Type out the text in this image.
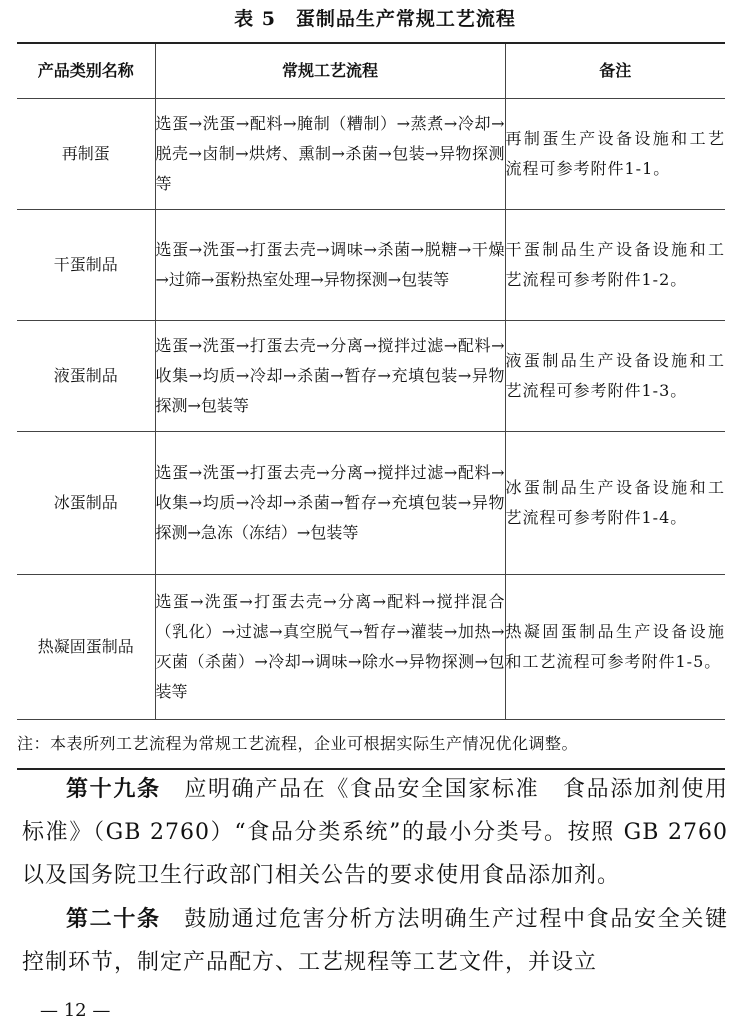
表 5　蛋制品生产常规工艺流程
产品类别名称	常规工艺流程	备注
再制蛋	选蛋→洗蛋→配料→腌制（糟制）→蒸煮→冷却→脱壳→卤制→烘烤、熏制→杀菌→包装→异物探测等	再制蛋生产设备设施和工艺流程可参考附件1-1。
干蛋制品	选蛋→洗蛋→打蛋去壳→调味→杀菌→脱糖→干燥→过筛→蛋粉热室处理→异物探测→包装等	干蛋制品生产设备设施和工艺流程可参考附件1-2。
液蛋制品	选蛋→洗蛋→打蛋去壳→分离→搅拌过滤→配料→收集→均质→冷却→杀菌→暂存→充填包装→异物探测→包装等	液蛋制品生产设备设施和工艺流程可参考附件1-3。
冰蛋制品	选蛋→洗蛋→打蛋去壳→分离→搅拌过滤→配料→收集→均质→冷却→杀菌→暂存→充填包装→异物探测→急冻（冻结）→包装等	冰蛋制品生产设备设施和工艺流程可参考附件1-4。
热凝固蛋制品	选蛋→洗蛋→打蛋去壳→分离→配料→搅拌混合（乳化）→过滤→真空脱气→暂存→灌装→加热→灭菌（杀菌）→冷却→调味→除水→异物探测→包装等	热凝固蛋制品生产设备设施和工艺流程可参考附件1-5。
注：本表所列工艺流程为常规工艺流程，企业可根据实际生产情况优化调整。		
第十九条　应明确产品在《食品安全国家标准　食品添加剂使用标准》（GB 2760）“食品分类系统”的最小分类号。按照 GB 2760 以及国务院卫生行政部门相关公告的要求使用食品添加剂。
第二十条　鼓励通过危害分析方法明确生产过程中食品安全关键控制环节，制定产品配方、工艺规程等工艺文件，并设立
— 12 —
